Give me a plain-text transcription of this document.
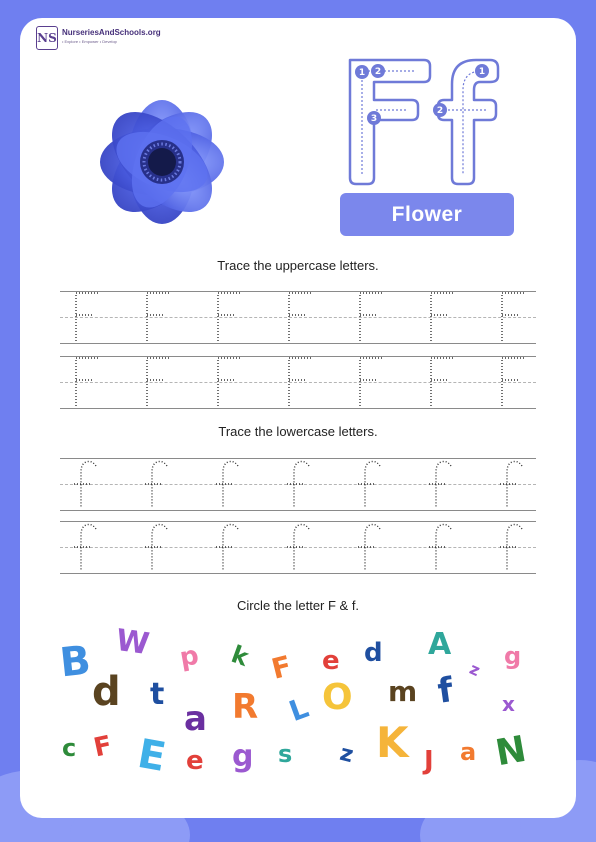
NS NurseriesAndSchools.org
• Explore • Empower • Develop
1 2
3
1
2
Flower
Trace the uppercase letters.
Trace the lowercase letters.
Circle the letter F & f.
B W p k F e d A
z g
d t
a R L O m f x
c F E e g s z K J a N
